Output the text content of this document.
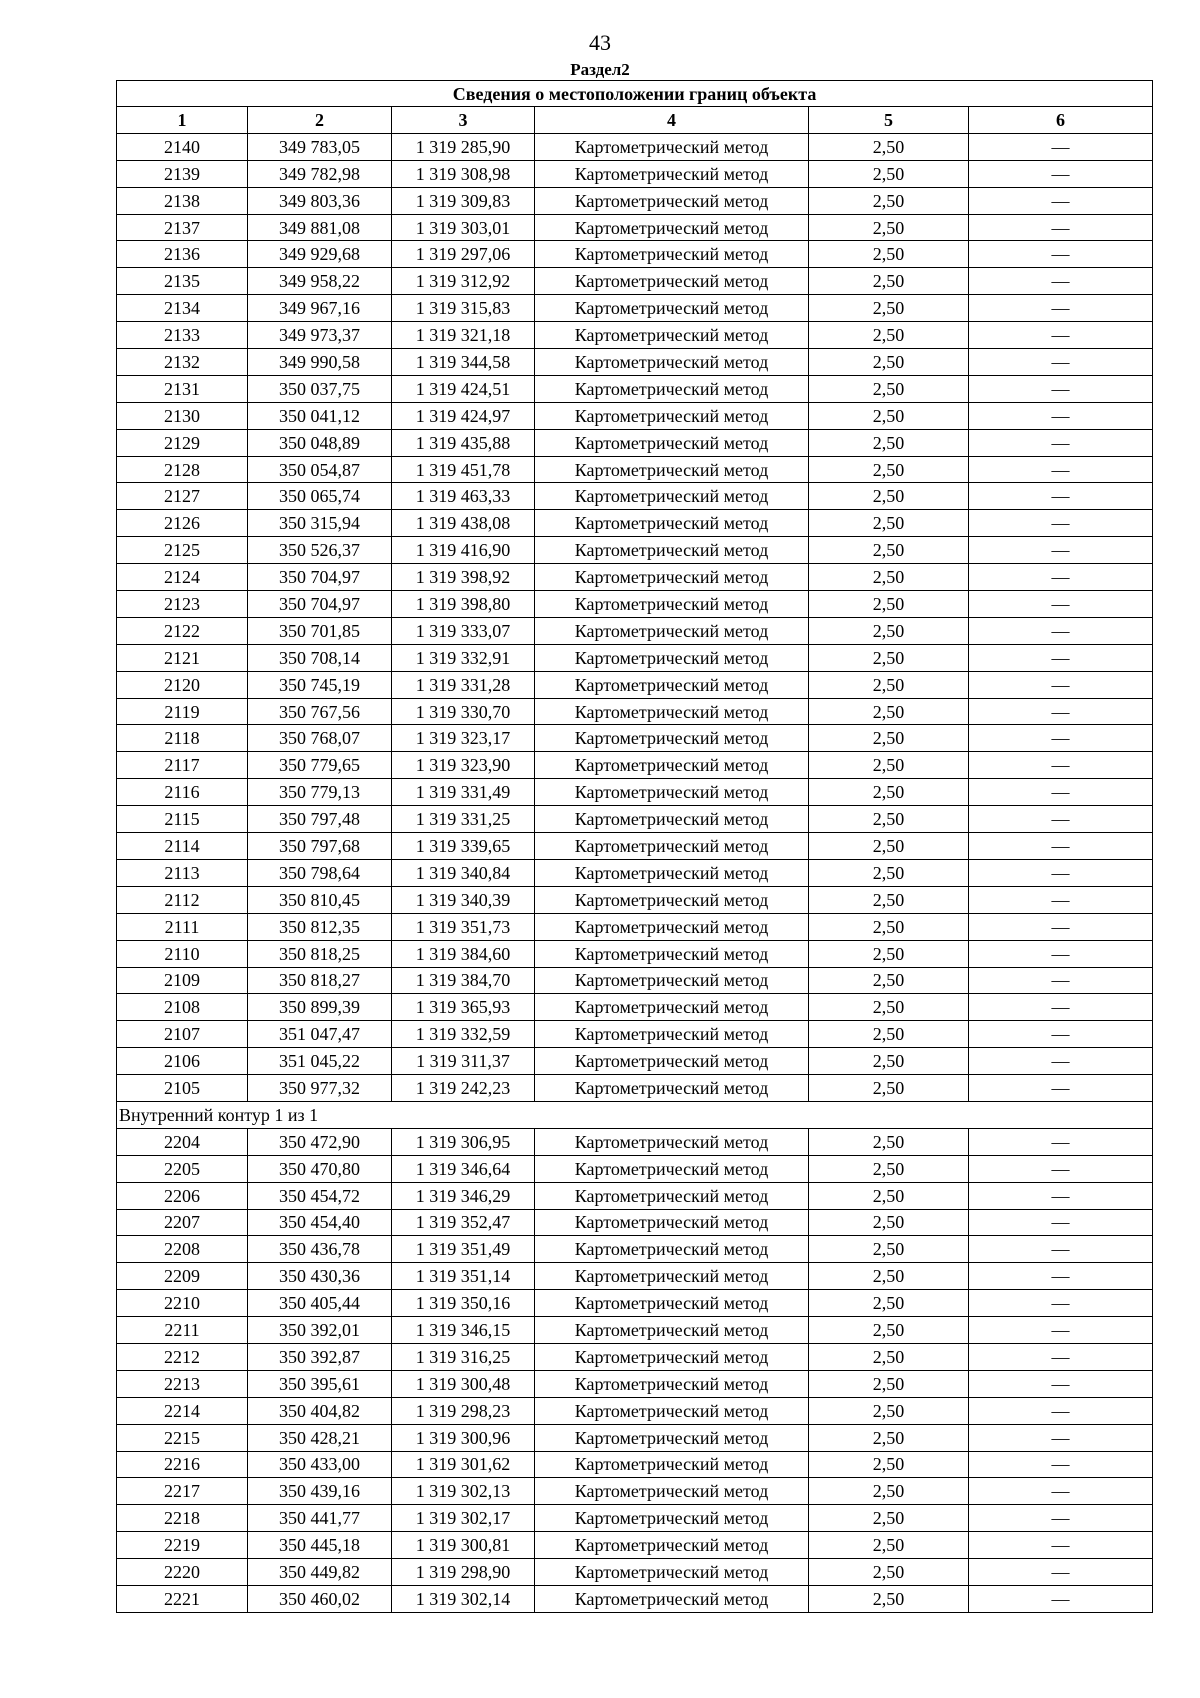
43
Раздел2
Сведения о местоположении границ объекта					
1	2	3	4	5	6
2140	349 783,05	1 319 285,90	Картометрический метод	2,50	—
2139	349 782,98	1 319 308,98	Картометрический метод	2,50	—
2138	349 803,36	1 319 309,83	Картометрический метод	2,50	—
2137	349 881,08	1 319 303,01	Картометрический метод	2,50	—
2136	349 929,68	1 319 297,06	Картометрический метод	2,50	—
2135	349 958,22	1 319 312,92	Картометрический метод	2,50	—
2134	349 967,16	1 319 315,83	Картометрический метод	2,50	—
2133	349 973,37	1 319 321,18	Картометрический метод	2,50	—
2132	349 990,58	1 319 344,58	Картометрический метод	2,50	—
2131	350 037,75	1 319 424,51	Картометрический метод	2,50	—
2130	350 041,12	1 319 424,97	Картометрический метод	2,50	—
2129	350 048,89	1 319 435,88	Картометрический метод	2,50	—
2128	350 054,87	1 319 451,78	Картометрический метод	2,50	—
2127	350 065,74	1 319 463,33	Картометрический метод	2,50	—
2126	350 315,94	1 319 438,08	Картометрический метод	2,50	—
2125	350 526,37	1 319 416,90	Картометрический метод	2,50	—
2124	350 704,97	1 319 398,92	Картометрический метод	2,50	—
2123	350 704,97	1 319 398,80	Картометрический метод	2,50	—
2122	350 701,85	1 319 333,07	Картометрический метод	2,50	—
2121	350 708,14	1 319 332,91	Картометрический метод	2,50	—
2120	350 745,19	1 319 331,28	Картометрический метод	2,50	—
2119	350 767,56	1 319 330,70	Картометрический метод	2,50	—
2118	350 768,07	1 319 323,17	Картометрический метод	2,50	—
2117	350 779,65	1 319 323,90	Картометрический метод	2,50	—
2116	350 779,13	1 319 331,49	Картометрический метод	2,50	—
2115	350 797,48	1 319 331,25	Картометрический метод	2,50	—
2114	350 797,68	1 319 339,65	Картометрический метод	2,50	—
2113	350 798,64	1 319 340,84	Картометрический метод	2,50	—
2112	350 810,45	1 319 340,39	Картометрический метод	2,50	—
2111	350 812,35	1 319 351,73	Картометрический метод	2,50	—
2110	350 818,25	1 319 384,60	Картометрический метод	2,50	—
2109	350 818,27	1 319 384,70	Картометрический метод	2,50	—
2108	350 899,39	1 319 365,93	Картометрический метод	2,50	—
2107	351 047,47	1 319 332,59	Картометрический метод	2,50	—
2106	351 045,22	1 319 311,37	Картометрический метод	2,50	—
2105	350 977,32	1 319 242,23	Картометрический метод	2,50	—
Внутренний контур 1 из 1					
2204	350 472,90	1 319 306,95	Картометрический метод	2,50	—
2205	350 470,80	1 319 346,64	Картометрический метод	2,50	—
2206	350 454,72	1 319 346,29	Картометрический метод	2,50	—
2207	350 454,40	1 319 352,47	Картометрический метод	2,50	—
2208	350 436,78	1 319 351,49	Картометрический метод	2,50	—
2209	350 430,36	1 319 351,14	Картометрический метод	2,50	—
2210	350 405,44	1 319 350,16	Картометрический метод	2,50	—
2211	350 392,01	1 319 346,15	Картометрический метод	2,50	—
2212	350 392,87	1 319 316,25	Картометрический метод	2,50	—
2213	350 395,61	1 319 300,48	Картометрический метод	2,50	—
2214	350 404,82	1 319 298,23	Картометрический метод	2,50	—
2215	350 428,21	1 319 300,96	Картометрический метод	2,50	—
2216	350 433,00	1 319 301,62	Картометрический метод	2,50	—
2217	350 439,16	1 319 302,13	Картометрический метод	2,50	—
2218	350 441,77	1 319 302,17	Картометрический метод	2,50	—
2219	350 445,18	1 319 300,81	Картометрический метод	2,50	—
2220	350 449,82	1 319 298,90	Картометрический метод	2,50	—
2221	350 460,02	1 319 302,14	Картометрический метод	2,50	—
